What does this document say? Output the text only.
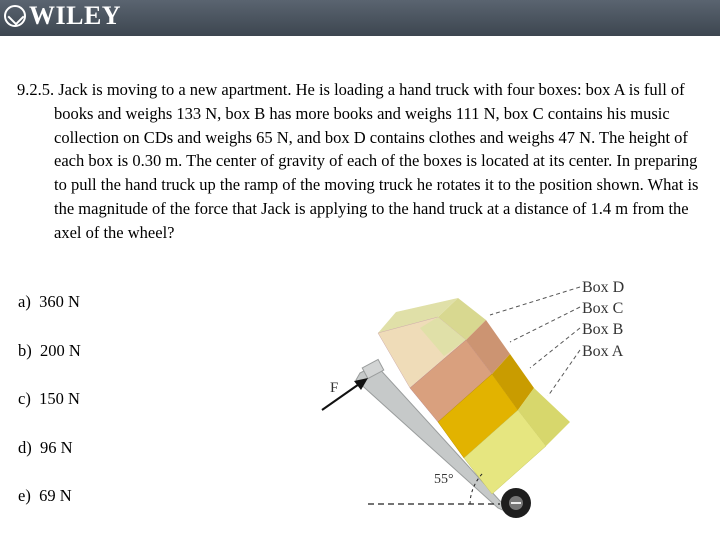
WILEY

9.2.5. Jack is moving to a new apartment. He is loading a hand truck with four boxes: box A is full of books and weighs 133 N, box B has more books and weighs 111 N, box C contains his music collection on CDs and weighs 65 N, and box D contains clothes and weighs 47 N. The height of each box is 0.30 m. The center of gravity of each of the boxes is located at its center. In preparing to pull the hand truck up the ramp of the moving truck he rotates it to the position shown. What is the magnitude of the force that Jack is applying to the hand truck at a distance of 1.4 m from the axel of the wheel?

a) 360 N
b) 200 N
c) 150 N
d) 96 N
e) 69 N
Box D
Box C
Box B
Box A
F
55°
